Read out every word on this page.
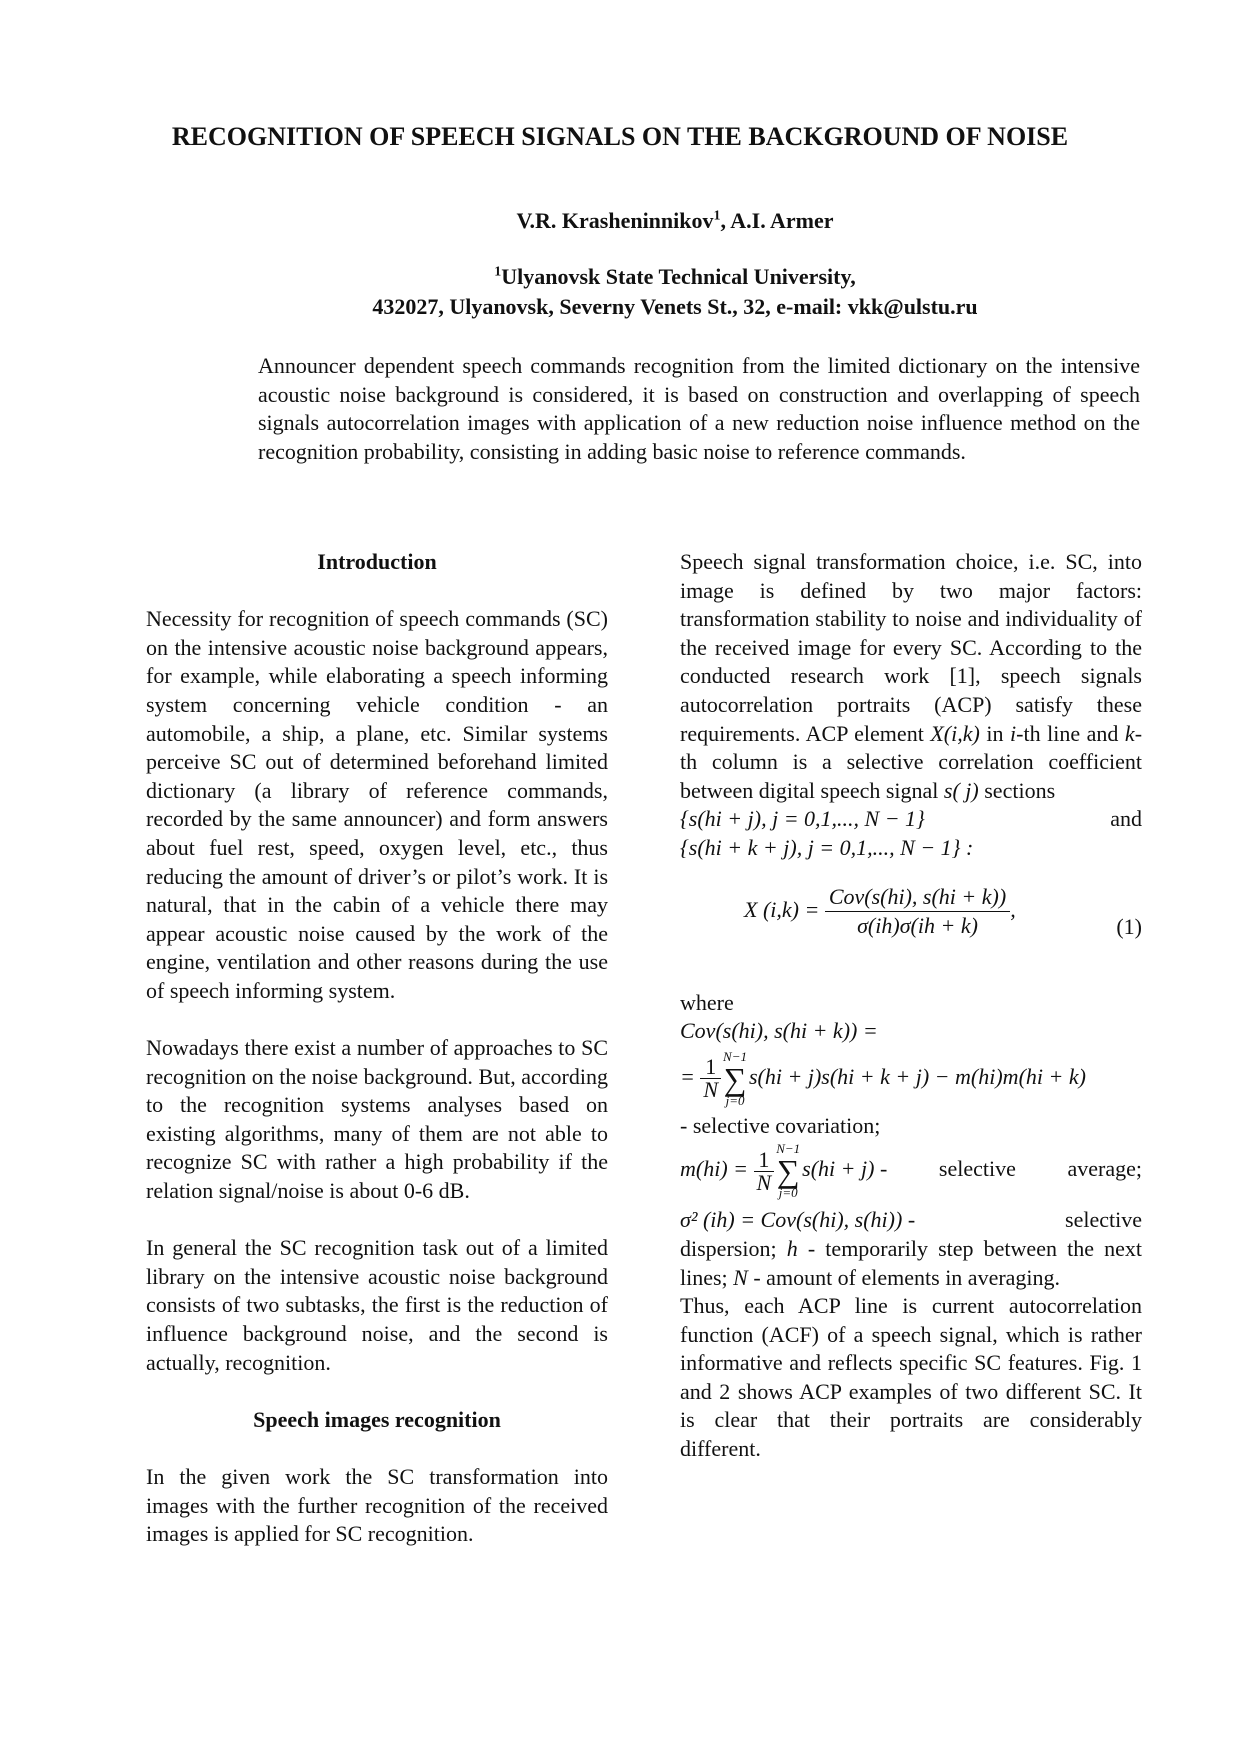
RECOGNITION OF SPEECH SIGNALS ON THE BACKGROUND OF NOISE
V.R. Krasheninnikov$^1$, A.I. Armer
$^1$Ulyanovsk State Technical University,
432027, Ulyanovsk, Severny Venets St., 32, e-mail: vkk@ulstu.ru

Announcer dependent speech commands recognition from the limited dictionary on the intensive acoustic noise background is considered, it is based on construction and overlapping of speech signals autocorrelation images with application of a new reduction noise influence method on the recognition probability, consisting in adding basic noise to reference commands.

Introduction

Necessity for recognition of speech commands (SC) on the intensive acoustic noise background appears, for example, while elaborating a speech informing system concerning vehicle condition - an automobile, a ship, a plane, etc. Similar systems perceive SC out of determined beforehand limited dictionary (a library of reference commands, recorded by the same announcer) and form answers about fuel rest, speed, oxygen level, etc., thus reducing the amount of driver’s or pilot’s work. It is natural, that in the cabin of a vehicle there may appear acoustic noise caused by the work of the engine, ventilation and other reasons during the use of speech informing system.

Nowadays there exist a number of approaches to SC recognition on the noise background. But, according to the recognition systems analyses based on existing algorithms, many of them are not able to recognize SC with rather a high probability if the relation signal/noise is about 0-6 dB.

In general the SC recognition task out of a limited library on the intensive acoustic noise background consists of two subtasks, the first is the reduction of influence background noise, and the second is actually, recognition.

Speech images recognition

In the given work the SC transformation into images with the further recognition of the received images is applied for SC recognition.

Speech signal transformation choice, i.e. SC, into image is defined by two major factors: transformation stability to noise and individuality of the received image for every SC. According to the conducted research work [1], speech signals autocorrelation portraits (ACP) satisfy these requirements. ACP element X(i,k) in i-th line and k-th column is a selective correlation coefficient between digital speech signal s( j) sections

{s(hi + j), j = 0,1,..., N − 1}	and
{s(hi + k + j), j = 0,1,..., N − 1} :
X $(i,k) = \frac{\text{Cov(s(hi), s(hi + k))}}{\sigma(ih)\sigma(ih + k)}$ ,
(1)

where

Cov(s(hi), s(hi + k)) =

= $\frac{1}{N} N-1$
∑
j=0s(hi + j)s(hi + k + j) − m(hi)m(hi + k)

- selective covariation;

$m(hi) = \frac{1}{N} N-1$
∑
j=0s(hi + j) - selective average;
σ² (ih) = Cov(s(hi), s(hi)) -	selective

dispersion; h - temporarily step between the next lines; N - amount of elements in averaging.

Thus, each ACP line is current autocorrelation function (ACF) of a speech signal, which is rather informative and reflects specific SC features. Fig. 1 and 2 shows ACP examples of two different SC. It is clear that their portraits are considerably different.
